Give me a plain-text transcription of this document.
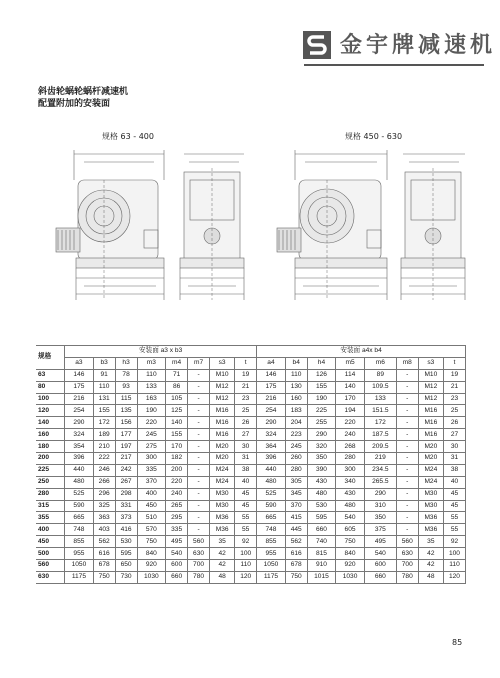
金宇牌减速机
斜齿轮蜗轮蜗杆减速机
配置附加的安装面
规格 63 - 400	规格 450 - 630
规格	安装面 a3 x b3								安装面 a4x b4							
	a3	b3	h3	m3	m4	m7	s3	t	a4	b4	h4	m5	m6	m8	s3	t
63	146	91	78	110	71	-	M10	19	146	110	126	114	89	-	M10	19
80	175	110	93	133	86	-	M12	21	175	130	155	140	109.5	-	M12	21
100	216	131	115	163	105	-	M12	23	216	160	190	170	133	-	M12	23
120	254	155	135	190	125	-	M16	25	254	183	225	194	151.5	-	M16	25
140	290	172	156	220	140	-	M16	26	290	204	255	220	172	-	M16	26
160	324	189	177	245	155	-	M16	27	324	223	290	240	187.5	-	M16	27
180	354	210	197	275	170	-	M20	30	364	245	320	268	209.5	-	M20	30
200	396	222	217	300	182	-	M20	31	396	260	350	280	219	-	M20	31
225	440	246	242	335	200	-	M24	38	440	280	390	300	234.5	-	M24	38
250	480	266	267	370	220	-	M24	40	480	305	430	340	265.5	-	M24	40
280	525	296	298	400	240	-	M30	45	525	345	480	430	290	-	M30	45
315	590	325	331	450	265	-	M30	45	590	370	530	480	310	-	M30	45
355	665	363	373	510	295	-	M36	55	665	415	595	540	350	-	M36	55
400	748	403	416	570	335	-	M36	55	748	445	660	605	375	-	M36	55
450	855	562	530	750	495	560	35	92	855	562	740	750	495	560	35	92
500	955	616	595	840	540	630	42	100	955	616	815	840	540	630	42	100
560	1050	678	650	920	600	700	42	110	1050	678	910	920	600	700	42	110
630	1175	750	730	1030	660	780	48	120	1175	750	1015	1030	660	780	48	120
85
